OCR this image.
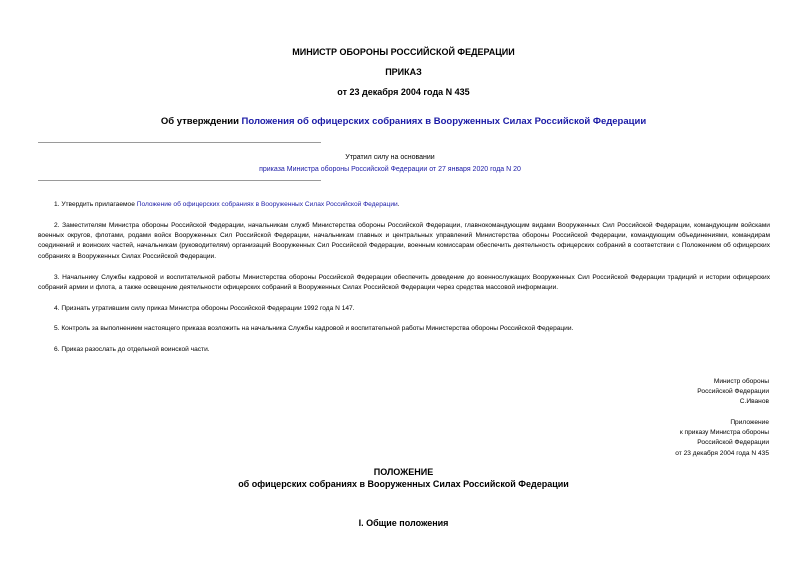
МИНИСТР ОБОРОНЫ РОССИЙСКОЙ ФЕДЕРАЦИИ
ПРИКАЗ
от 23 декабря 2004 года N 435
Об утверждении Положения об офицерских собраниях в Вооруженных Силах Российской Федерации
Утратил силу на основании
приказа Министра обороны Российской Федерации от 27 января 2020 года N 20
1. Утвердить прилагаемое Положение об офицерских собраниях в Вооруженных Силах Российской Федерации.
2. Заместителям Министра обороны Российской Федерации, начальникам служб Министерства обороны Российской Федерации, главнокомандующим видами Вооруженных Сил Российской Федерации, командующим войсками военных округов, флотами, родами войск Вооруженных Сил Российской Федерации, начальникам главных и центральных управлений Министерства обороны Российской Федерации, командующим объединениями, командирам соединений и воинских частей, начальникам (руководителям) организаций Вооруженных Сил Российской Федерации, военным комиссарам обеспечить деятельность офицерских собраний в соответствии с Положением об офицерских собраниях в Вооруженных Силах Российской Федерации.
3. Начальнику Службы кадровой и воспитательной работы Министерства обороны Российской Федерации обеспечить доведение до военнослужащих Вооруженных Сил Российской Федерации традиций и истории офицерских собраний армии и флота, а также освещение деятельности офицерских собраний в Вооруженных Силах Российской Федерации через средства массовой информации.
4. Признать утратившим силу приказ Министра обороны Российской Федерации 1992 года N 147.
5. Контроль за выполнением настоящего приказа возложить на начальника Службы кадровой и воспитательной работы Министерства обороны Российской Федерации.
6. Приказ разослать до отдельной воинской части.
Министр обороны
Российской Федерации
С.Иванов
Приложение
к приказу Министра обороны
Российской Федерации
от 23 декабря 2004 года N 435
ПОЛОЖЕНИЕ
об офицерских собраниях в Вооруженных Силах Российской Федерации
I. Общие положения
